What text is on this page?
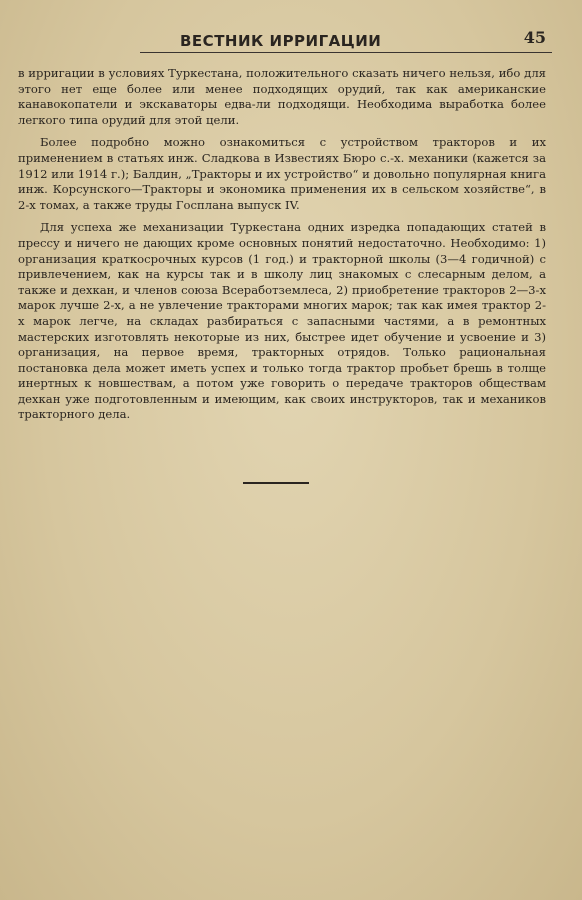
ВЕСТНИК ИРРИГАЦИИ	45

в ирригации в условиях Туркестана, положительного сказать ничего нельзя, ибо для этого нет еще более или менее подходящих орудий, так как американские канавокопатели и экскаваторы едва-ли подходящи. Необходима выработка более легкого типа орудий для этой цели.

Более подробно можно ознакомиться с устройством тракторов и их применением в статьях инж. Сладкова в Известиях Бюро с.-х. механики (кажется за 1912 или 1914 г.); Балдин, „Тракторы и их устройство“ и довольно популярная книга инж. Корсунского—Тракторы и экономика применения их в сельском хозяйстве“, в 2-х томах, а также труды Госплана выпуск IV.

Для успеха же механизации Туркестана одних изредка попадающих статей в прессу и ничего не дающих кроме основных понятий недостаточно. Необходимо: 1) организация краткосрочных курсов (1 год.) и тракторной школы (3—4 годичной) с привлечением, как на курсы так и в школу лиц знакомых с слесарным делом, а также и дехкан, и членов союза Всеработземлеса, 2) приобретение тракторов 2—3-х марок лучше 2-х, а не увлечение тракторами многих марок; так как имея трактор 2-х марок легче, на складах разбираться с запасными частями, а в ремонтных мастерских изготовлять некоторые из них, быстрее идет обучение и усвоение и 3) организация, на первое время, тракторных отрядов. Только рациональная постановка дела может иметь успех и только тогда трактор пробьет брешь в толще инертных к новшествам, а потом уже говорить о передаче тракторов обществам дехкан уже подготовленным и имеющим, как своих инструкторов, так и механиков тракторного дела.
